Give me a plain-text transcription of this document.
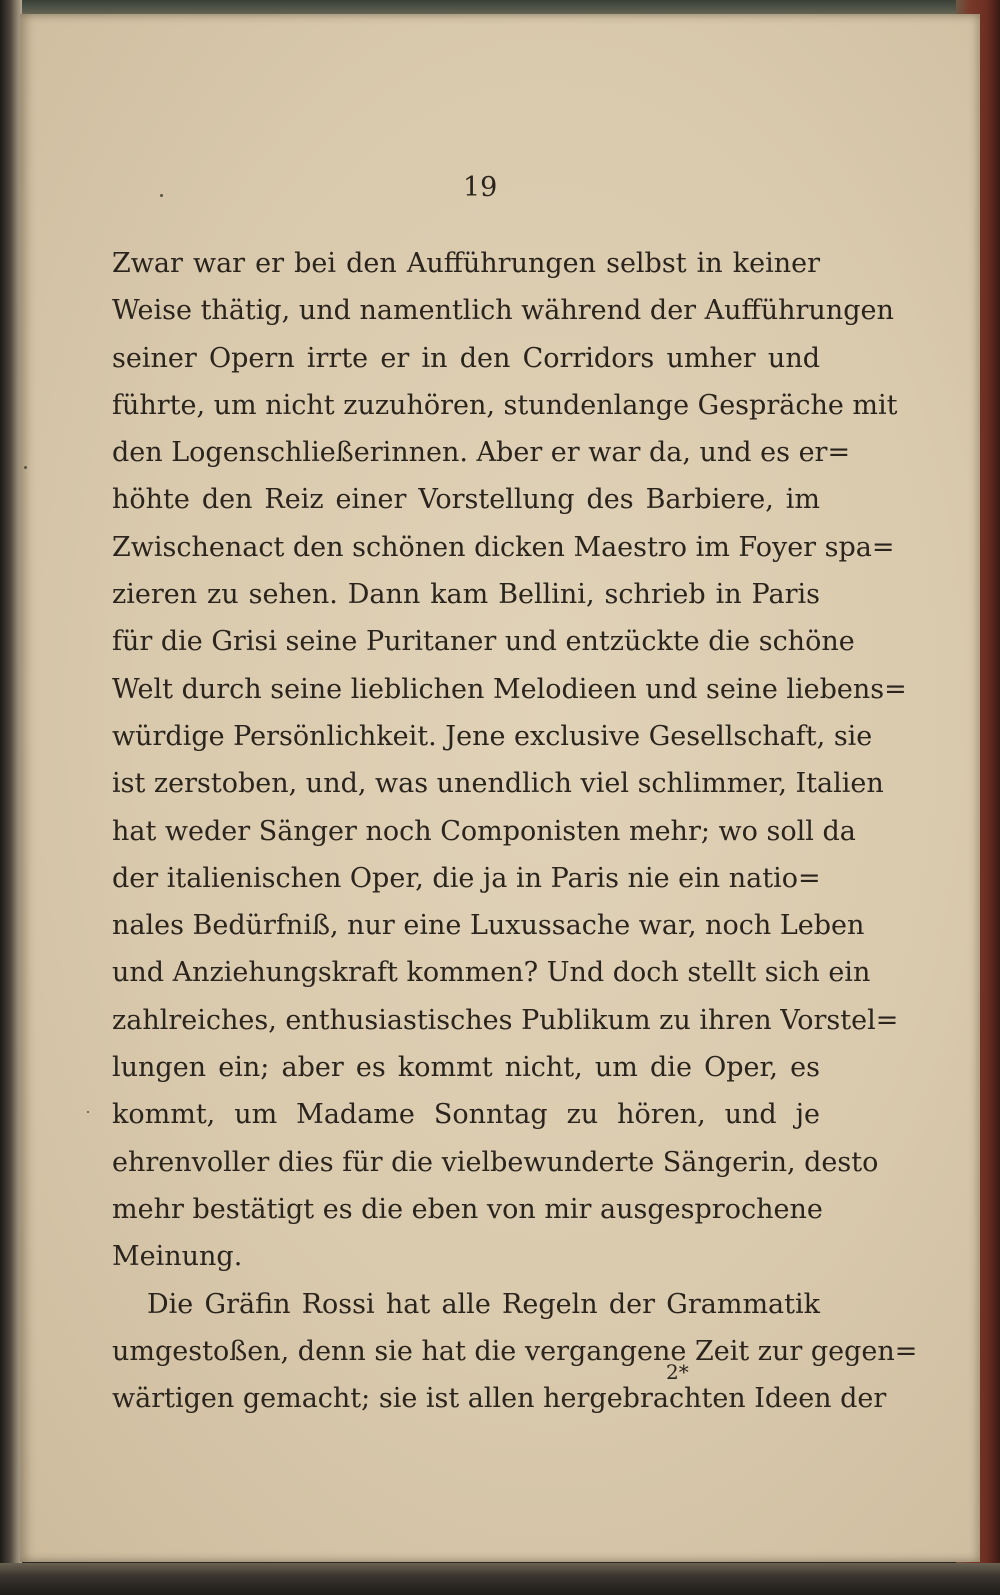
19
Zwar war er bei den Aufführungen selbst in keiner
Weise thätig, und namentlich während der Aufführungen
seiner Opern irrte er in den Corridors umher und
führte, um nicht zuzuhören, stundenlange Gespräche mit
den Logenschließerinnen. Aber er war da, und es er=
höhte den Reiz einer Vorstellung des Barbiere, im
Zwischenact den schönen dicken Maestro im Foyer spa=
zieren zu sehen. Dann kam Bellini, schrieb in Paris
für die Grisi seine Puritaner und entzückte die schöne
Welt durch seine lieblichen Melodieen und seine liebens=
würdige Persönlichkeit. Jene exclusive Gesellschaft, sie
ist zerstoben, und, was unendlich viel schlimmer, Italien
hat weder Sänger noch Componisten mehr; wo soll da
der italienischen Oper, die ja in Paris nie ein natio=
nales Bedürfniß, nur eine Luxussache war, noch Leben
und Anziehungskraft kommen? Und doch stellt sich ein
zahlreiches, enthusiastisches Publikum zu ihren Vorstel=
lungen ein; aber es kommt nicht, um die Oper, es
kommt, um Madame Sonntag zu hören, und je
ehrenvoller dies für die vielbewunderte Sängerin, desto
mehr bestätigt es die eben von mir ausgesprochene
Meinung.
Die Gräfin Rossi hat alle Regeln der Grammatik
umgestoßen, denn sie hat die vergangene Zeit zur gegen=
wärtigen gemacht; sie ist allen hergebrachten Ideen der
2*
